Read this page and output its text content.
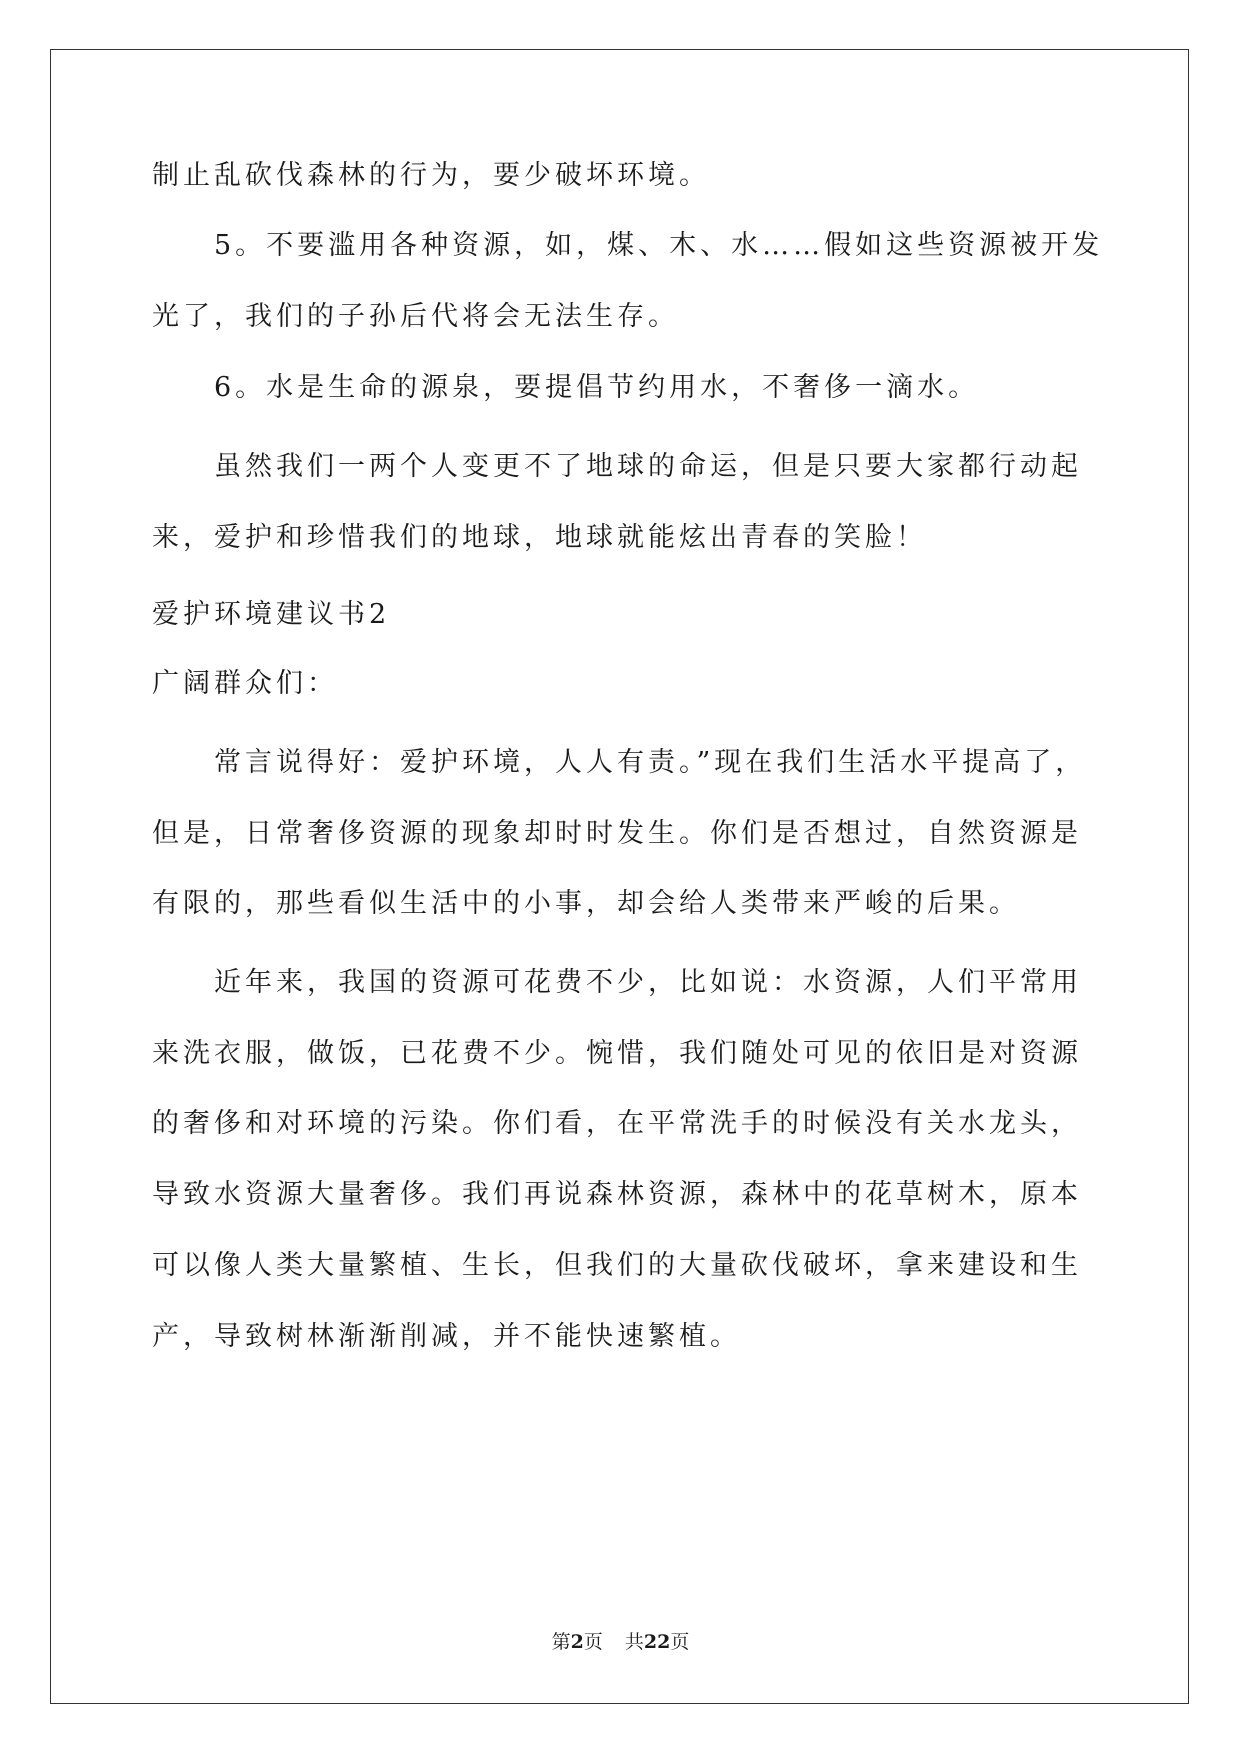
制止乱砍伐森林的行为，要少破坏环境。
5。不要滥用各种资源，如，煤、木、水……假如这些资源被开发
光了，我们的子孙后代将会无法生存。
6。水是生命的源泉，要提倡节约用水，不奢侈一滴水。
虽然我们一两个人变更不了地球的命运，但是只要大家都行动起
来，爱护和珍惜我们的地球，地球就能炫出青春的笑脸！
爱护环境建议书2
广阔群众们：
常言说得好：爱护环境，人人有责。”现在我们生活水平提高了，
但是，日常奢侈资源的现象却时时发生。你们是否想过，自然资源是
有限的，那些看似生活中的小事，却会给人类带来严峻的后果。
近年来，我国的资源可花费不少，比如说：水资源，人们平常用
来洗衣服，做饭，已花费不少。惋惜，我们随处可见的依旧是对资源
的奢侈和对环境的污染。你们看，在平常洗手的时候没有关水龙头，
导致水资源大量奢侈。我们再说森林资源，森林中的花草树木，原本
可以像人类大量繁植、生长，但我们的大量砍伐破坏，拿来建设和生
产，导致树林渐渐削减，并不能快速繁植。
第2页 共22页
